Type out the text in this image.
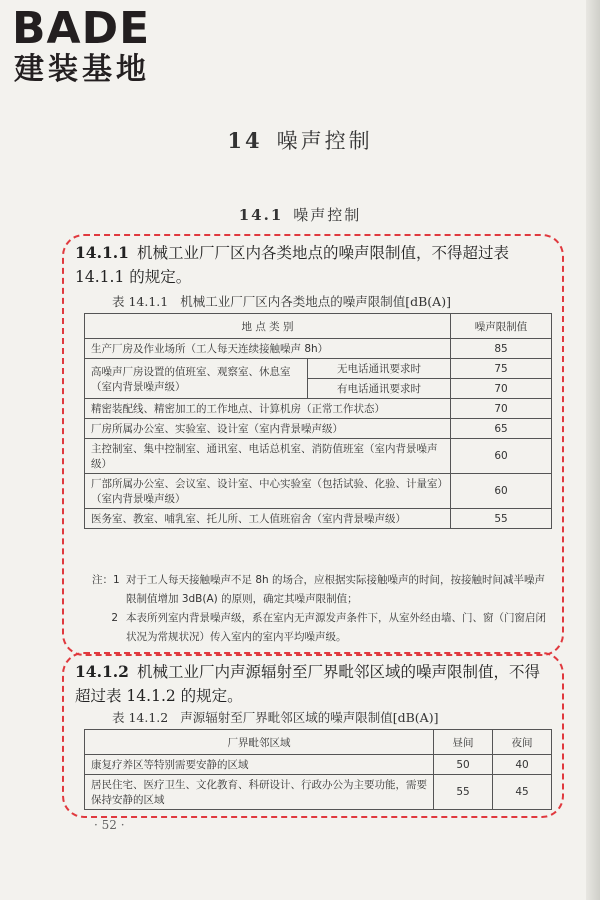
BADE
建装基地
14 噪声控制
14.1 噪声控制
14.1.1 机械工业厂厂区内各类地点的噪声限制值，不得超过表 14.1.1 的规定。
表 14.1.1 机械工业厂厂区内各类地点的噪声限制值[dB(A)]
地 点 类 别		噪声限制值
生产厂房及作业场所（工人每天连续接触噪声 8h）		85
高噪声厂房设置的值班室、观察室、休息室（室内背景噪声级）	无电话通讯要求时	75
	有电话通讯要求时	70
精密装配线、精密加工的工作地点、计算机房（正常工作状态）		70
厂房所属办公室、实验室、设计室（室内背景噪声级）		65
主控制室、集中控制室、通讯室、电话总机室、消防值班室（室内背景噪声级）		60
厂部所属办公室、会议室、设计室、中心实验室（包括试验、化验、计量室）（室内背景噪声级）		60
医务室、教室、哺乳室、托儿所、工人值班宿舍（室内背景噪声级）		55
注：1 对于工人每天接触噪声不足 8h 的场合，应根据实际接触噪声的时间，按接触时间减半噪声限制值增加 3dB(A) 的原则，确定其噪声限制值；
2 本表所列室内背景噪声级，系在室内无声源发声条件下，从室外经由墙、门、窗（门窗启闭状况为常规状况）传入室内的室内平均噪声级。
14.1.2 机械工业厂内声源辐射至厂界毗邻区域的噪声限制值，不得超过表 14.1.2 的规定。
表 14.1.2 声源辐射至厂界毗邻区域的噪声限制值[dB(A)]
厂界毗邻区域	昼间	夜间
康复疗养区等特别需要安静的区域	50	40
居民住宅、医疗卫生、文化教育、科研设计、行政办公为主要功能，需要保持安静的区域	55	45
· 52 ·
